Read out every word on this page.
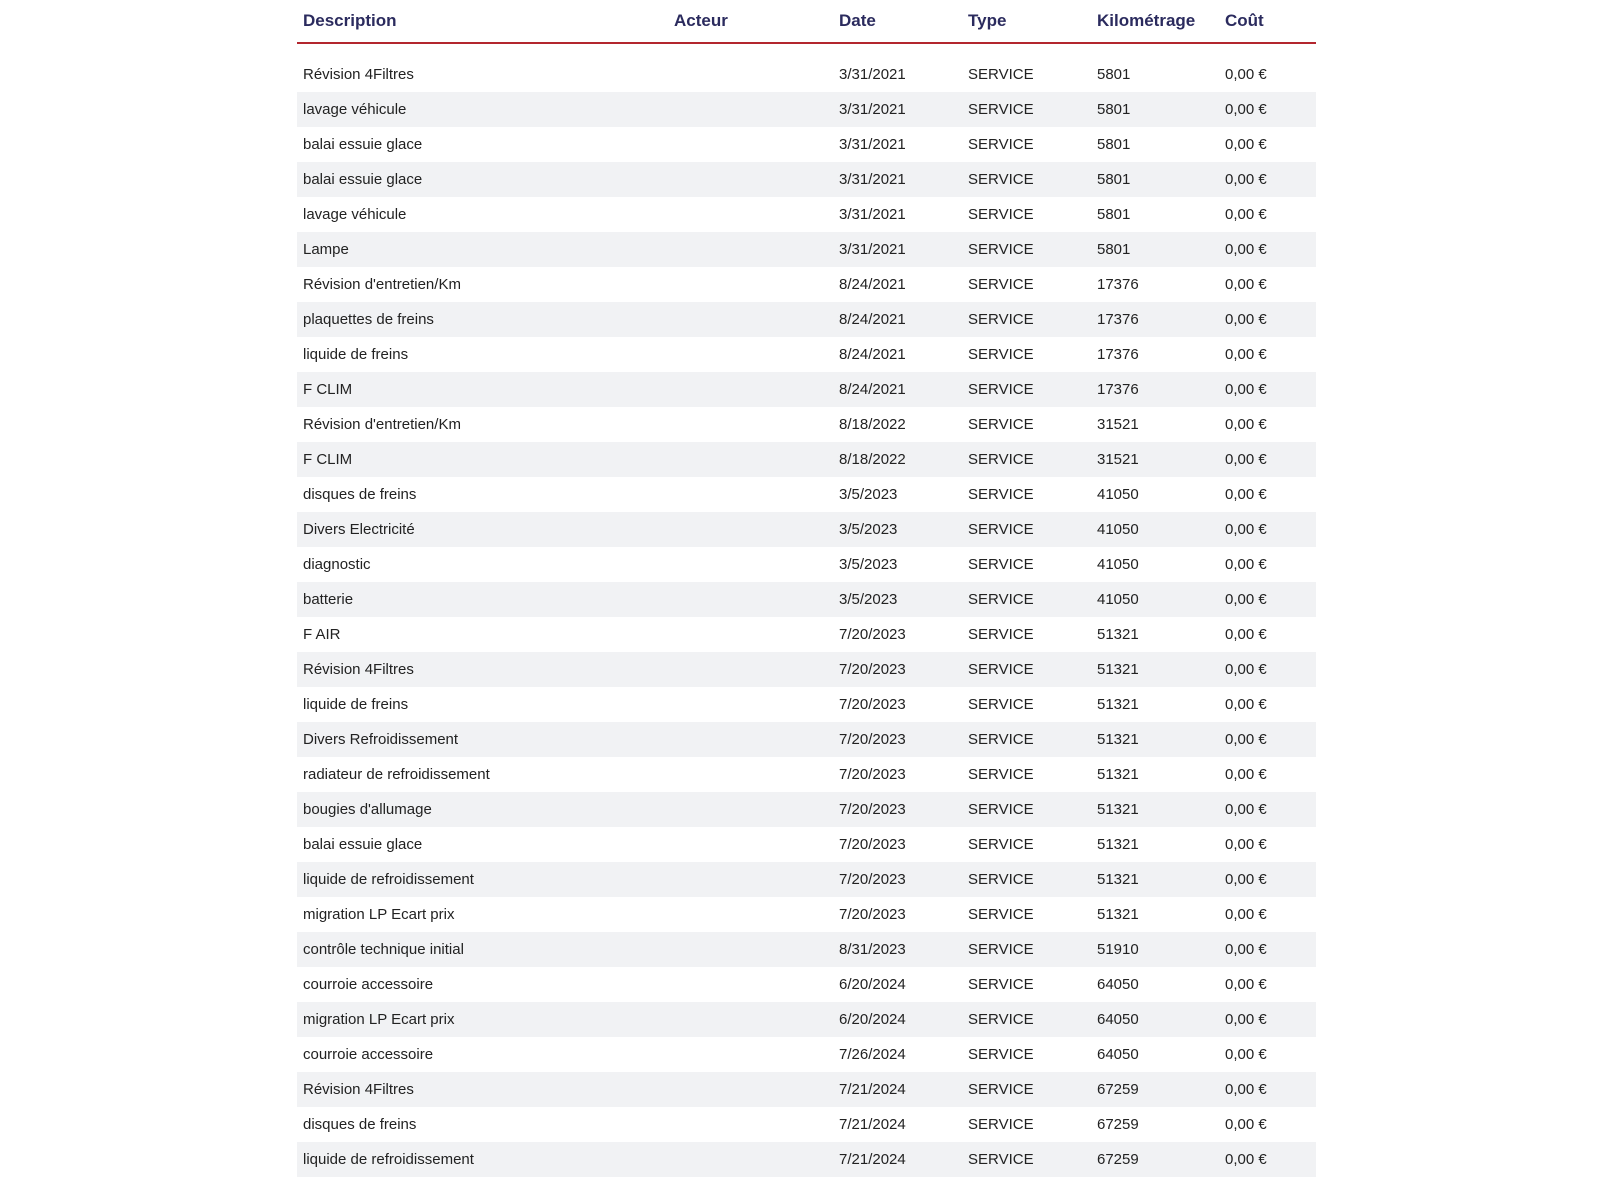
Description	Acteur	Date	Type	Kilométrage	Coût

Révision 4Filtres		3/31/2021	SERVICE	5801	0,00 €
lavage véhicule		3/31/2021	SERVICE	5801	0,00 €
balai essuie glace		3/31/2021	SERVICE	5801	0,00 €
balai essuie glace		3/31/2021	SERVICE	5801	0,00 €
lavage véhicule		3/31/2021	SERVICE	5801	0,00 €
Lampe		3/31/2021	SERVICE	5801	0,00 €
Révision d'entretien/Km		8/24/2021	SERVICE	17376	0,00 €
plaquettes de freins		8/24/2021	SERVICE	17376	0,00 €
liquide de freins		8/24/2021	SERVICE	17376	0,00 €
F CLIM		8/24/2021	SERVICE	17376	0,00 €
Révision d'entretien/Km		8/18/2022	SERVICE	31521	0,00 €
F CLIM		8/18/2022	SERVICE	31521	0,00 €
disques de freins		3/5/2023	SERVICE	41050	0,00 €
Divers Electricité		3/5/2023	SERVICE	41050	0,00 €
diagnostic		3/5/2023	SERVICE	41050	0,00 €
batterie		3/5/2023	SERVICE	41050	0,00 €
F AIR		7/20/2023	SERVICE	51321	0,00 €
Révision 4Filtres		7/20/2023	SERVICE	51321	0,00 €
liquide de freins		7/20/2023	SERVICE	51321	0,00 €
Divers Refroidissement		7/20/2023	SERVICE	51321	0,00 €
radiateur de refroidissement		7/20/2023	SERVICE	51321	0,00 €
bougies d'allumage		7/20/2023	SERVICE	51321	0,00 €
balai essuie glace		7/20/2023	SERVICE	51321	0,00 €
liquide de refroidissement		7/20/2023	SERVICE	51321	0,00 €
migration LP Ecart prix		7/20/2023	SERVICE	51321	0,00 €
contrôle technique initial		8/31/2023	SERVICE	51910	0,00 €
courroie accessoire		6/20/2024	SERVICE	64050	0,00 €
migration LP Ecart prix		6/20/2024	SERVICE	64050	0,00 €
courroie accessoire		7/26/2024	SERVICE	64050	0,00 €
Révision 4Filtres		7/21/2024	SERVICE	67259	0,00 €
disques de freins		7/21/2024	SERVICE	67259	0,00 €
liquide de refroidissement		7/21/2024	SERVICE	67259	0,00 €
